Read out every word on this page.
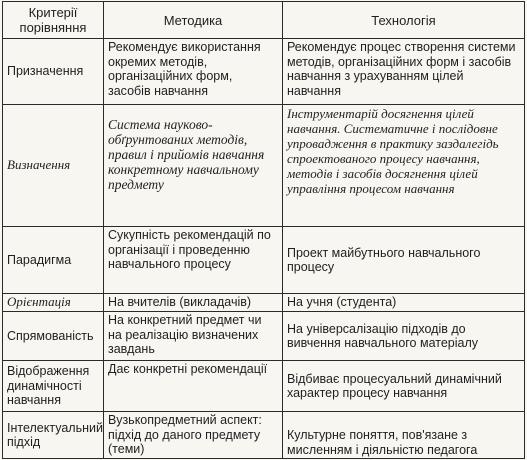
Критерії порівняння	Методика	Технологія
Призначення	Рекомендує використання окремих методів, організаційних форм, засобів навчання	Рекомендує процес створення системи методів, організаційних форм і засобів навчання з урахуванням цілей навчання
Визначення	Система науково-обґрунтованих методів, правил і прийомів навчання конкретному навчальному предмету	Інструментарій досягнення цілей навчання. Систематичне і послідовне упровадження в практику заздалегідь спроектованого процесу навчання, методів і засобів досягнення цілей управління процесом навчання
Парадигма	Сукупність рекомендацій по організації і проведенню навчального процесу	Проект майбутнього навчального процесу
Орієнтація	На вчителів (викладачів)	На учня (студента)
Спрямованість	На конкретний предмет чи на реалізацію визначених завдань	На універсалізацію підходів до вивчення навчального матеріалу
Відображення динамічності навчання	Дає конкретні рекомендації	Відбиває процесуальний динамічний характер процесу навчання
Інтелектуальний підхід	Вузькопредметний аспект: підхід до даного предмету (теми)	Культурне поняття, пов'язане з мисленням і діяльністю педагога
